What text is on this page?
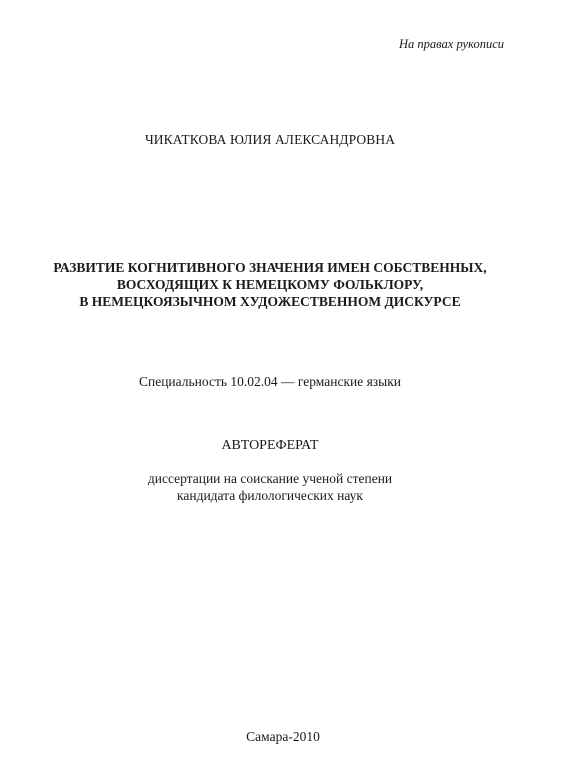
На правах рукописи
ЧИКАТКОВА ЮЛИЯ АЛЕКСАНДРОВНА
РАЗВИТИЕ КОГНИТИВНОГО ЗНАЧЕНИЯ ИМЕН СОБСТВЕННЫХ,
ВОСХОДЯЩИХ К НЕМЕЦКОМУ ФОЛЬКЛОРУ,
В НЕМЕЦКОЯЗЫЧНОМ ХУДОЖЕСТВЕННОМ ДИСКУРСЕ
Специальность 10.02.04 — германские языки
АВТОРЕФЕРАТ
диссертации на соискание ученой степени
кандидата филологических наук
Самара-2010
